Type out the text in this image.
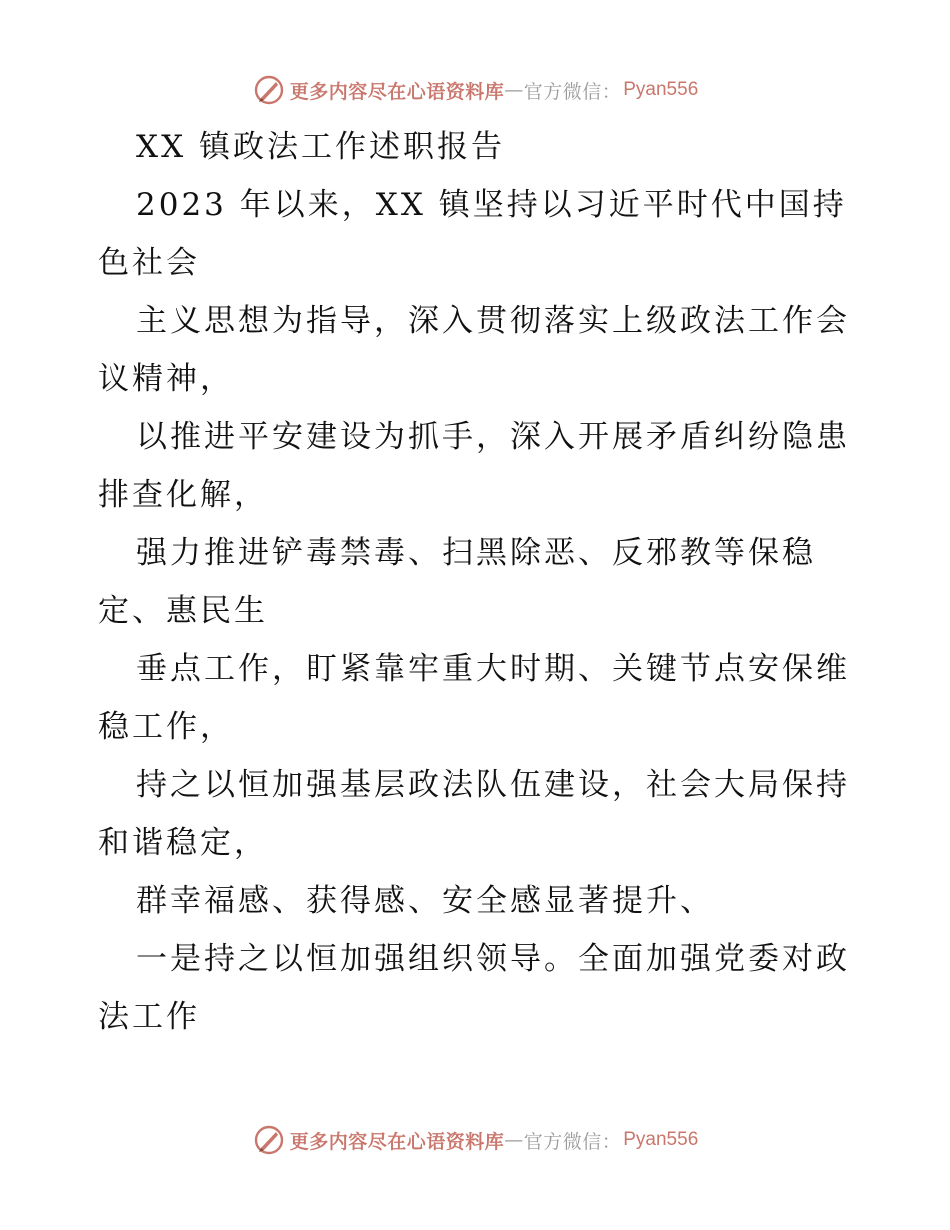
更多内容尽在心语资料库 — 官方微信： Pyan556

XX 镇政法工作述职报告

2023 年以来，XX 镇坚持以习近平时代中国持色社会

主义思想为指导，深入贯彻落实上级政法工作会议精神，

以推进平安建设为抓手，深入开展矛盾纠纷隐患排查化解，

强力推进铲毒禁毒、扫黑除恶、反邪教等保稳定、惠民生

垂点工作，盯紧靠牢重大时期、关键节点安保维稳工作，

持之以恒加强基层政法队伍建设，社会大局保持和谐稳定，

群幸福感、获得感、安全感显著提升、

一是持之以恒加强组织领导。全面加强党委对政法工作

更多内容尽在心语资料库 — 官方微信： Pyan556
